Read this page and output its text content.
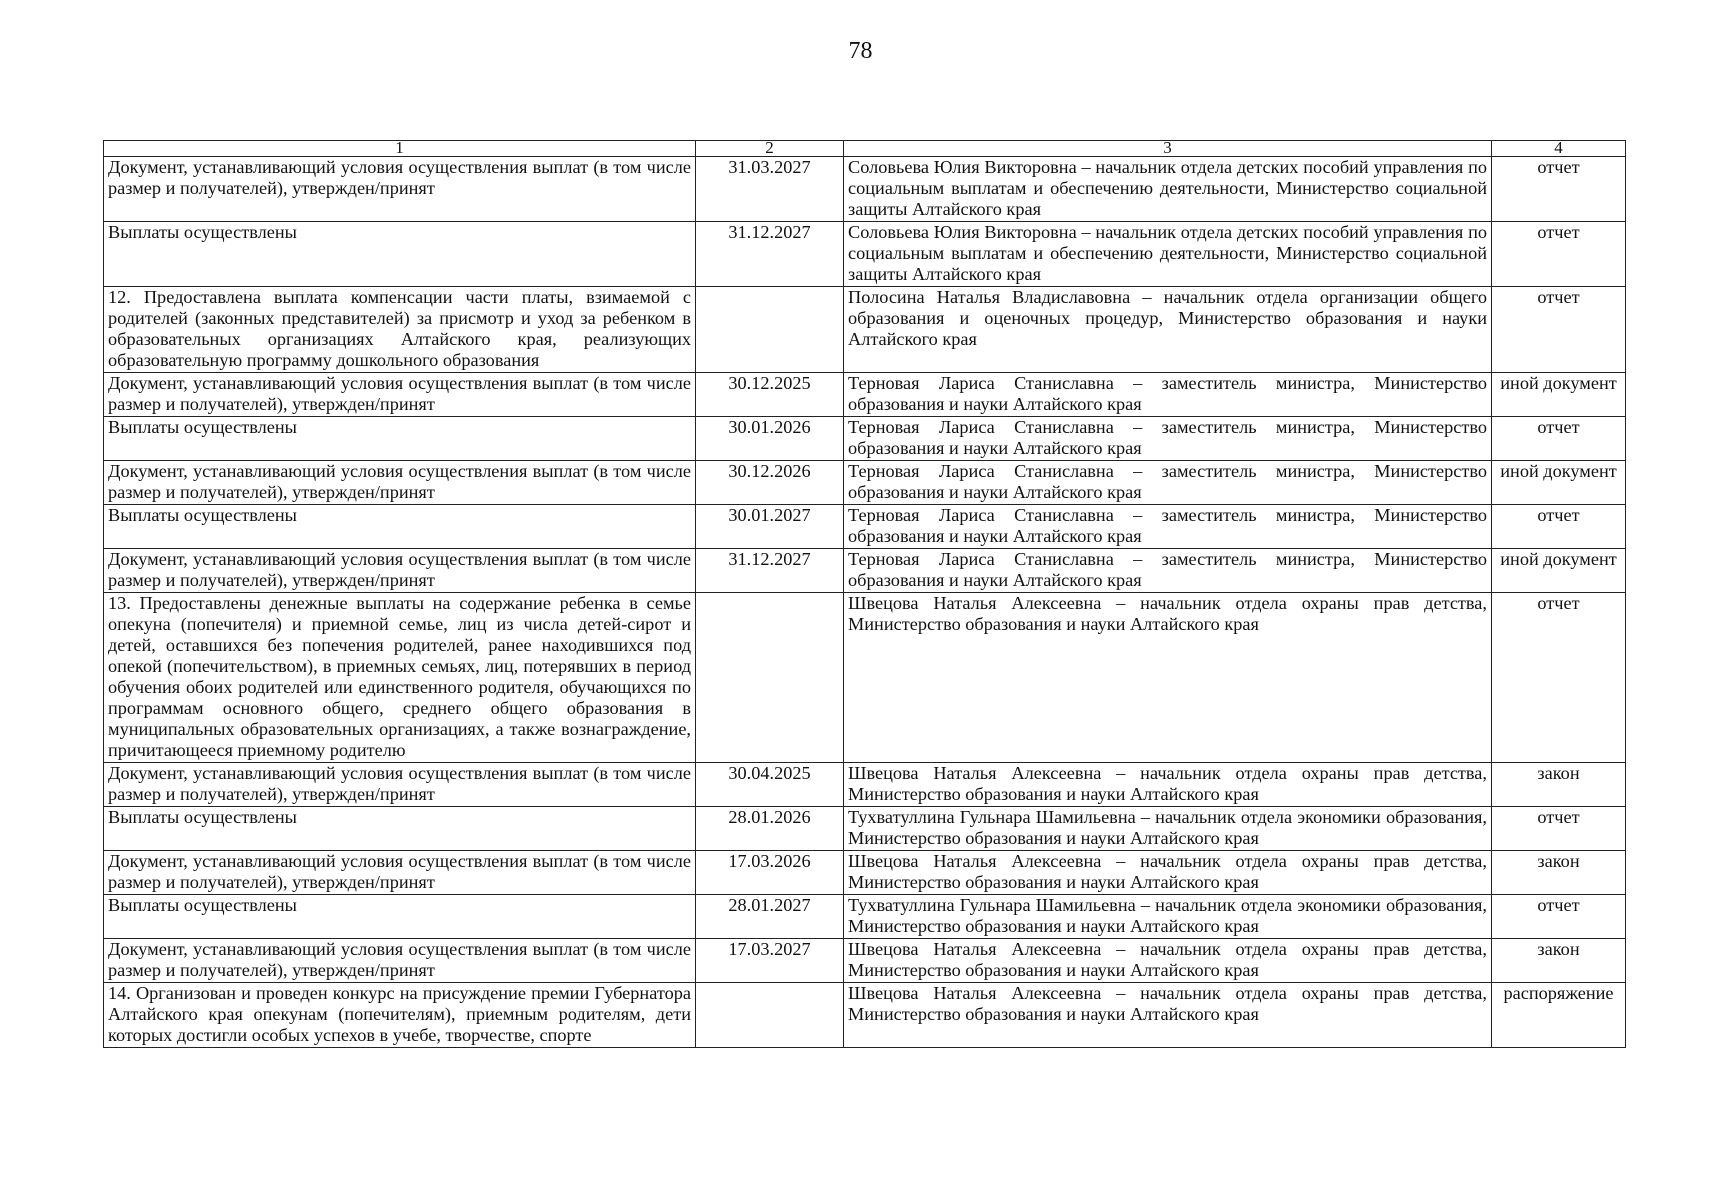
78
1	2	3	4
Документ, устанавливающий условия осуществления выплат (в том числе размер и получателей), утвержден/принят	31.03.2027	Соловьева Юлия Викторовна – начальник отдела детских пособий управления по социальным выплатам и обеспечению деятельности, Министерство социальной защиты Алтайского края	отчет
Выплаты осуществлены	31.12.2027	Соловьева Юлия Викторовна – начальник отдела детских пособий управления по социальным выплатам и обеспечению деятельности, Министерство социальной защиты Алтайского края	отчет
12. Предоставлена выплата компенсации части платы, взимаемой с родителей (законных представителей) за присмотр и уход за ребенком в образовательных организациях Алтайского края, реализующих образовательную программу дошкольного образования		Полосина Наталья Владиславовна – начальник отдела организации общего образования и оценочных процедур, Министерство образования и науки Алтайского края	отчет
Документ, устанавливающий условия осуществления выплат (в том числе размер и получателей), утвержден/принят	30.12.2025	Терновая Лариса Станиславна – заместитель министра, Министерство образования и науки Алтайского края	иной документ
Выплаты осуществлены	30.01.2026	Терновая Лариса Станиславна – заместитель министра, Министерство образования и науки Алтайского края	отчет
Документ, устанавливающий условия осуществления выплат (в том числе размер и получателей), утвержден/принят	30.12.2026	Терновая Лариса Станиславна – заместитель министра, Министерство образования и науки Алтайского края	иной документ
Выплаты осуществлены	30.01.2027	Терновая Лариса Станиславна – заместитель министра, Министерство образования и науки Алтайского края	отчет
Документ, устанавливающий условия осуществления выплат (в том числе размер и получателей), утвержден/принят	31.12.2027	Терновая Лариса Станиславна – заместитель министра, Министерство образования и науки Алтайского края	иной документ
13. Предоставлены денежные выплаты на содержание ребенка в семье опекуна (попечителя) и приемной семье, лиц из числа детей-сирот и детей, оставшихся без попечения родителей, ранее находившихся под опекой (попечительством), в приемных семьях, лиц, потерявших в период обучения обоих родителей или единственного родителя, обучающихся по программам основного общего, среднего общего образования в муниципальных образовательных организациях, а также вознаграждение, причитающееся приемному родителю		Швецова Наталья Алексеевна – начальник отдела охраны прав детства, Министерство образования и науки Алтайского края	отчет
Документ, устанавливающий условия осуществления выплат (в том числе размер и получателей), утвержден/принят	30.04.2025	Швецова Наталья Алексеевна – начальник отдела охраны прав детства, Министерство образования и науки Алтайского края	закон
Выплаты осуществлены	28.01.2026	Тухватуллина Гульнара Шамильевна – начальник отдела экономики образования, Министерство образования и науки Алтайского края	отчет
Документ, устанавливающий условия осуществления выплат (в том числе размер и получателей), утвержден/принят	17.03.2026	Швецова Наталья Алексеевна – начальник отдела охраны прав детства, Министерство образования и науки Алтайского края	закон
Выплаты осуществлены	28.01.2027	Тухватуллина Гульнара Шамильевна – начальник отдела экономики образования, Министерство образования и науки Алтайского края	отчет
Документ, устанавливающий условия осуществления выплат (в том числе размер и получателей), утвержден/принят	17.03.2027	Швецова Наталья Алексеевна – начальник отдела охраны прав детства, Министерство образования и науки Алтайского края	закон
14. Организован и проведен конкурс на присуждение премии Губернатора Алтайского края опекунам (попечителям), приемным родителям, дети которых достигли особых успехов в учебе, творчестве, спорте		Швецова Наталья Алексеевна – начальник отдела охраны прав детства, Министерство образования и науки Алтайского края	распоряжение
